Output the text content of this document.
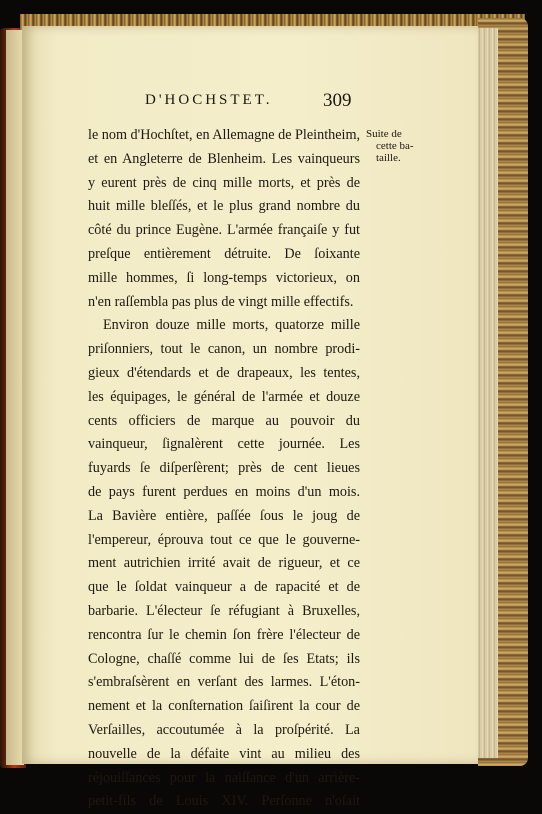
D'HOCHSTET.	309
Suite de
cette ba-
taille.
le nom d'Hochſtet, en Allemagne de Pleintheim,
et en Angleterre de Blenheim. Les vainqueurs
y eurent près de cinq mille morts, et près de
huit mille bleſſés, et le plus grand nombre du
côté du prince Eugène. L'armée françaiſe y fut
preſque entièrement détruite. De ſoixante
mille hommes, ſi long-temps victorieux, on
n'en raſſembla pas plus de vingt mille effectifs.
Environ douze mille morts, quatorze mille
priſonniers, tout le canon, un nombre prodi-
gieux d'étendards et de drapeaux, les tentes,
les équipages, le général de l'armée et douze
cents officiers de marque au pouvoir du
vainqueur, ſignalèrent cette journée. Les
fuyards ſe diſperſèrent; près de cent lieues
de pays furent perdues en moins d'un mois.
La Bavière entière, paſſée ſous le joug de
l'empereur, éprouva tout ce que le gouverne-
ment autrichien irrité avait de rigueur, et ce
que le ſoldat vainqueur a de rapacité et de
barbarie. L'électeur ſe réfugiant à Bruxelles,
rencontra ſur le chemin ſon frère l'électeur de
Cologne, chaſſé comme lui de ſes Etats; ils
s'embraſsèrent en verſant des larmes. L'éton-
nement et la conſternation ſaiſirent la cour de
Verſailles, accoutumée à la proſpérité. La
nouvelle de la défaite vint au milieu des
réjouiſſances pour la naiſſance d'un arrière-
petit-fils de Louis XIV. Perſonne n'oſait
